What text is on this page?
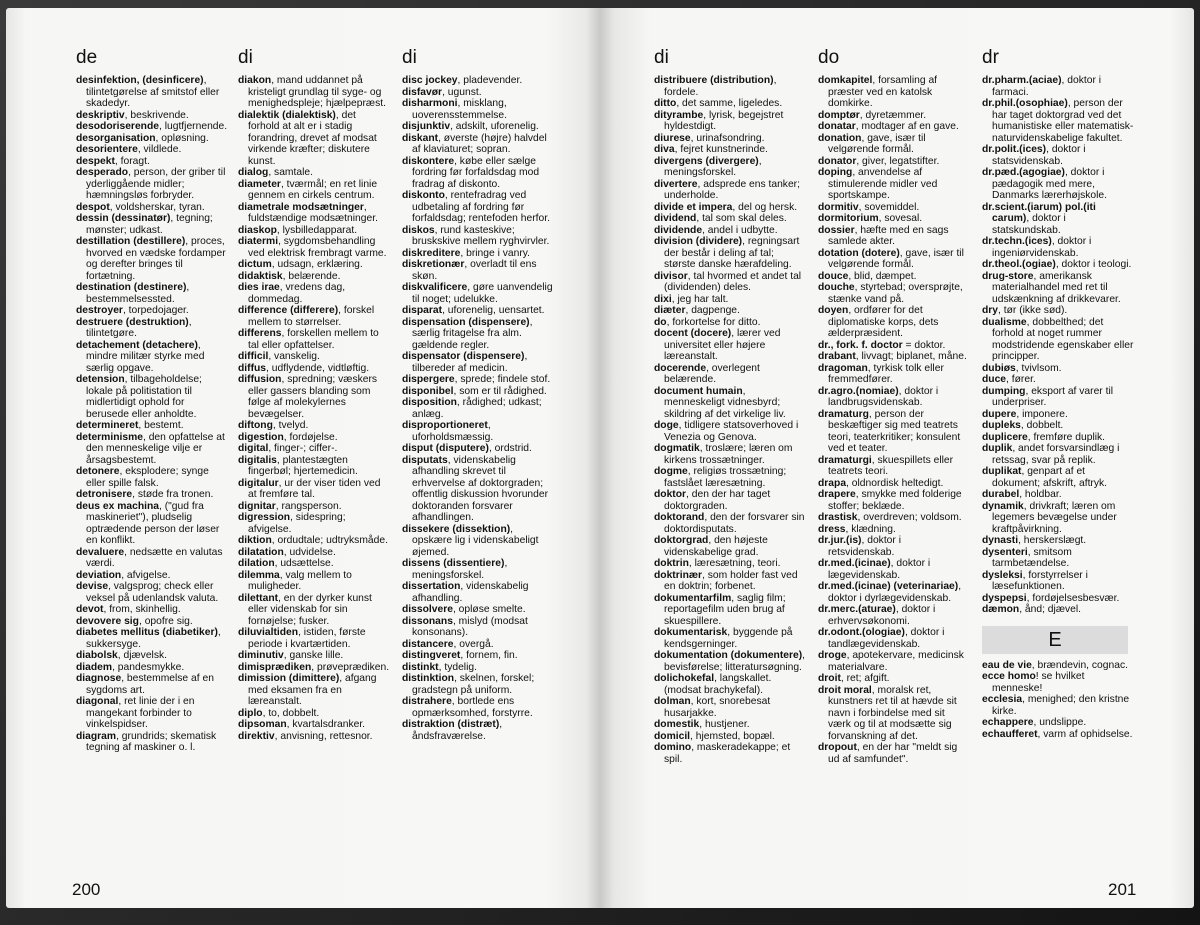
de
desinfektion, (desinficere), tilintetgørelse af smitstof eller skadedyr.
deskriptiv, beskrivende.
desodoriserende, lugtfjernende.
desorganisation, opløsning.
desorientere, vildlede.
despekt, foragt.
desperado, person, der griber til yderliggående midler; hæmningsløs forbryder.
despot, voldsherskar, tyran.
dessin (dessinatør), tegning; mønster; udkast.
destillation (destillere), proces, hvorved en vædske fordamper og derefter bringes til fortætning.
destination (destinere), bestemmelsessted.
destroyer, torpedojager.
destruere (destruktion), tilintetgøre.
detachement (detachere), mindre militær styrke med særlig opgave.
detension, tilbageholdelse; lokale på politistation til midlertidigt ophold for berusede eller anholdte.
determineret, bestemt.
determinisme, den opfattelse at den menneskelige vilje er årsagsbestemt.
detonere, eksplodere; synge eller spille falsk.
detronisere, støde fra tronen.
deus ex machina, ("gud fra maskineriet"), pludselig optrædende person der løser en konflikt.
devaluere, nedsætte en valutas værdi.
deviation, afvigelse.
devise, valgsprog; check eller veksel på udenlandsk valuta.
devot, from, skinhellig.
devovere sig, opofre sig.
diabetes mellitus (diabetiker), sukkersyge.
diabolsk, djævelsk.
diadem, pandesmykke.
diagnose, bestemmelse af en sygdoms art.
diagonal, ret linie der i en mangekant forbinder to vinkelspidser.
diagram, grundrids; skematisk tegning af maskiner o. l.
di
diakon, mand uddannet på kristeligt grundlag til syge- og menighedspleje; hjælpepræst.
dialektik (dialektisk), det forhold at alt er i stadig forandring, drevet af modsat virkende kræfter; diskutere kunst.
dialog, samtale.
diameter, tværmål; en ret linie gennem en cirkels centrum.
diametrale modsætninger, fuldstændige modsætninger.
diaskop, lysbilledapparat.
diatermi, sygdomsbehandling ved elektrisk frembragt varme.
dictum, udsagn, erklæring.
didaktisk, belærende.
dies irae, vredens dag, dommedag.
difference (differere), forskel mellem to størrelser.
differens, forskellen mellem to tal eller opfattelser.
difficil, vanskelig.
diffus, udflydende, vidtløftig.
diffusion, spredning; væskers eller gassers blanding som følge af molekylernes bevægelser.
diftong, tvelyd.
digestion, fordøjelse.
digital, finger-; ciffer-.
digitalis, plantestægten fingerbøl; hjertemedicin.
digitalur, ur der viser tiden ved at fremføre tal.
dignitar, rangsperson.
digression, sidespring; afvigelse.
diktion, ordudtale; udtryksmåde.
dilatation, udvidelse.
dilation, udsættelse.
dilemma, valg mellem to muligheder.
dilettant, en der dyrker kunst eller videnskab for sin fornøjelse; fusker.
diluvialtiden, istiden, første periode i kvartærtiden.
diminutiv, ganske lille.
dimisprædiken, prøveprædiken.
dimission (dimittere), afgang med eksamen fra en læreanstalt.
diplo, to, dobbelt.
dipsoman, kvartalsdranker.
direktiv, anvisning, rettesnor.
di
disc jockey, pladevender.
disfavør, ugunst.
disharmoni, misklang, uoverensstemmelse.
disjunktiv, adskilt, uforenelig.
diskant, øverste (højre) halvdel af klaviaturet; sopran.
diskontere, købe eller sælge fordring før forfaldsdag mod fradrag af diskonto.
diskonto, rentefradrag ved udbetaling af fordring før forfaldsdag; rentefoden herfor.
diskos, rund kasteskive; bruskskive mellem ryghvirvler.
diskreditere, bringe i vanry.
diskretionær, overladt til ens skøn.
diskvalificere, gøre uanvendelig til noget; udelukke.
disparat, uforenelig, uensartet.
dispensation (dispensere), særlig fritagelse fra alm. gældende regler.
dispensator (dispensere), tilbereder af medicin.
dispergere, sprede; findele stof.
disponibel, som er til rådighed.
disposition, rådighed; udkast; anlæg.
disproportioneret, uforholdsmæssig.
disput (disputere), ordstrid.
disputats, videnskabelig afhandling skrevet til erhvervelse af doktorgraden; offentlig diskussion hvorunder doktoranden forsvarer afhandlingen.
dissekere (dissektion), opskære lig i videnskabeligt øjemed.
dissens (dissentiere), meningsforskel.
dissertation, videnskabelig afhandling.
dissolvere, opløse smelte.
dissonans, mislyd (modsat konsonans).
distancere, overgå.
distingveret, fornem, fin.
distinkt, tydelig.
distinktion, skelnen, forskel; gradstegn på uniform.
distrahere, bortlede ens opmærksomhed, forstyrre.
distraktion (distræt), åndsfraværelse.
200
di
distribuere (distribution), fordele.
ditto, det samme, ligeledes.
dityrambe, lyrisk, begejstret hyldestdigt.
diurese, urinafsondring.
diva, fejret kunstnerinde.
divergens (divergere), meningsforskel.
divertere, adsprede ens tanker; underholde.
divide et impera, del og hersk.
dividend, tal som skal deles.
dividende, andel i udbytte.
division (dividere), regningsart der består i deling af tal; største danske hærafdeling.
divisor, tal hvormed et andet tal (dividenden) deles.
dixi, jeg har talt.
diæter, dagpenge.
do, forkortelse for ditto.
docent (docere), lærer ved universitet eller højere læreanstalt.
docerende, overlegent belærende.
document humain, menneskeligt vidnesbyrd; skildring af det virkelige liv.
doge, tidligere statsoverhoved i Venezia og Genova.
dogmatik, troslære; læren om kirkens trossætninger.
dogme, religiøs trossætning; fastslået læresætning.
doktor, den der har taget doktorgraden.
doktorand, den der forsvarer sin doktordisputats.
doktorgrad, den højeste videnskabelige grad.
doktrin, læresætning, teori.
doktrinær, som holder fast ved en doktrin; forbenet.
dokumentarfilm, saglig film; reportagefilm uden brug af skuespillere.
dokumentarisk, byggende på kendsgerninger.
dokumentation (dokumentere), bevisførelse; litteratursøgning.
dolichokefal, langskallet. (modsat brachykefal).
dolman, kort, snorebesat husarjakke.
domestik, hustjener.
domicil, hjemsted, bopæl.
domino, maskeradekappe; et spil.
do
domkapitel, forsamling af præster ved en katolsk domkirke.
domptør, dyretæmmer.
donatar, modtager af en gave.
donation, gave, især til velgørende formål.
donator, giver, legatstifter.
doping, anvendelse af stimulerende midler ved sportskampe.
dormitiv, sovemiddel.
dormitorium, sovesal.
dossier, hæfte med en sags samlede akter.
dotation (dotere), gave, især til velgørende formål.
douce, blid, dæmpet.
douche, styrtebad; oversprøjte, stænke vand på.
doyen, ordfører for det diplomatiske korps, dets ælderpræsident.
dr., fork. f. doctor = doktor.
drabant, livvagt; biplanet, måne.
dragoman, tyrkisk tolk eller fremmedfører.
dr.agro.(nomiae), doktor i landbrugsvidenskab.
dramaturg, person der beskæftiger sig med teatrets teori, teaterkritiker; konsulent ved et teater.
dramaturgi, skuespillets eller teatrets teori.
drapa, oldnordisk heltedigt.
drapere, smykke med folderige stoffer; beklæde.
drastisk, overdreven; voldsom.
dress, klædning.
dr.jur.(is), doktor i retsvidenskab.
dr.med.(icinae), doktor i lægevidenskab.
dr.med.(icinae) (veterinariae), doktor i dyrlægevidenskab.
dr.merc.(aturae), doktor i erhvervsøkonomi.
dr.odont.(ologiae), doktor i tandlægevidenskab.
droge, apotekervare, medicinsk materialvare.
droit, ret; afgift.
droit moral, moralsk ret, kunstners ret til at hævde sit navn i forbindelse med sit værk og til at modsætte sig forvanskning af det.
dropout, en der har "meldt sig ud af samfundet".
dr
dr.pharm.(aciae), doktor i farmaci.
dr.phil.(osophiae), person der har taget doktorgrad ved det humanistiske eller matematisk-naturvidenskabelige fakultet.
dr.polit.(ices), doktor i statsvidenskab.
dr.pæd.(agogiae), doktor i pædagogik med mere, Danmarks lærerhøjskole.
dr.scient.(iarum) pol.(iti carum), doktor i statskundskab.
dr.techn.(ices), doktor i ingeniørvidenskab.
dr.theol.(ogiae), doktor i teologi.
drug-store, amerikansk materialhandel med ret til udskænkning af drikkevarer.
dry, tør (ikke sød).
dualisme, dobbelthed; det forhold at noget rummer modstridende egenskaber eller principper.
dubiøs, tvivlsom.
duce, fører.
dumping, eksport af varer til underpriser.
dupere, imponere.
dupleks, dobbelt.
duplicere, fremføre duplik.
duplik, andet forsvarsindlæg i retssag, svar på replik.
duplikat, genpart af et dokument; afskrift, aftryk.
durabel, holdbar.
dynamik, drivkraft; læren om legemers bevægelse under kraftpåvirkning.
dynasti, herskerslægt.
dysenteri, smitsom tarmbetændelse.
dysleksi, forstyrrelser i læsefunktionen.
dyspepsi, fordøjelsesbesvær.
dæmon, ånd; djævel.
E
eau de vie, brændevin, cognac.
ecce homo! se hvilket menneske!
ecclesia, menighed; den kristne kirke.
echappere, undslippe.
echaufferet, varm af ophidselse.
201
